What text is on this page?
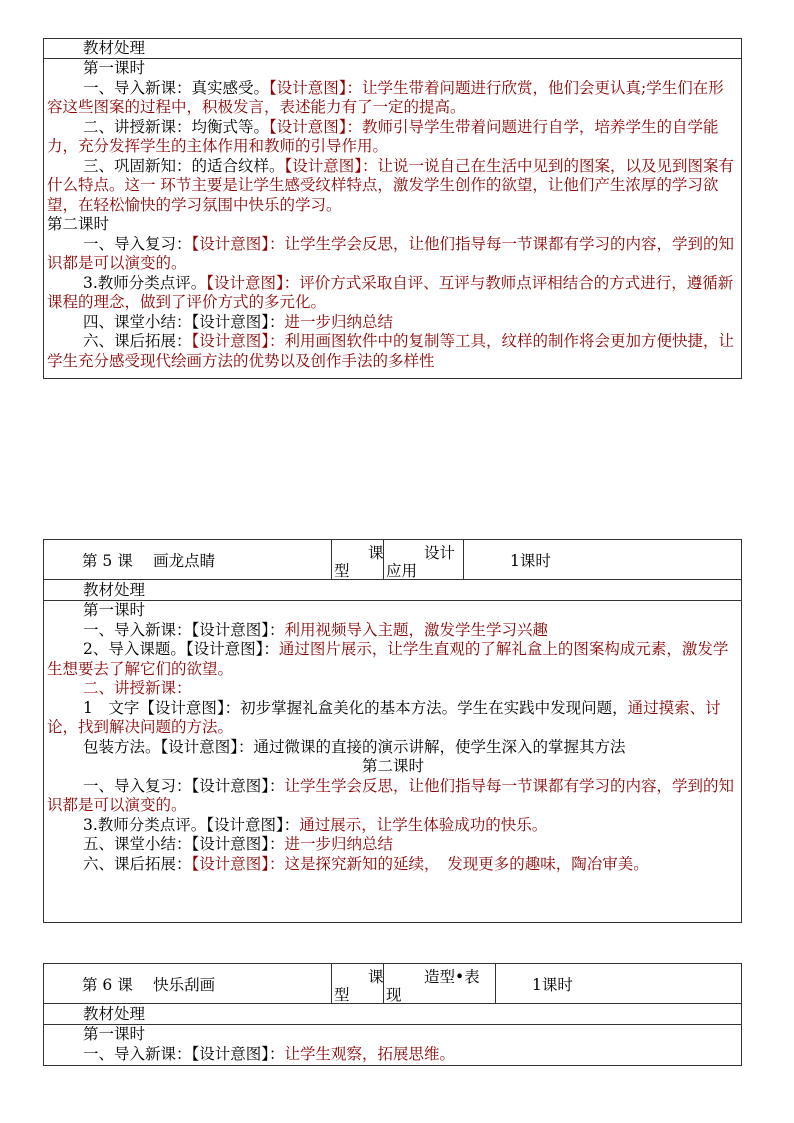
教材处理
第一课时
一、导入新课：真实感受。【设计意图】：让学生带着问题进行欣赏，他们会更认真;学生们在形容这些图案的过程中，积极发言，表述能力有了一定的提高。
二、讲授新课：均衡式等。【设计意图】：教师引导学生带着问题进行自学，培养学生的自学能力，充分发挥学生的主体作用和教师的引导作用。
三、巩固新知：的适合纹样。【设计意图】：让说一说自己在生活中见到的图案，以及见到图案有什么特点。这一 环节主要是让学生感受纹样特点，激发学生创作的欲望，让他们产生浓厚的学习欲望，在轻松愉快的学习氛围中快乐的学习。
第二课时
一、导入复习：【设计意图】：让学生学会反思，让他们指导每一节课都有学习的内容，学到的知识都是可以演变的。
3.教师分类点评。【设计意图】：评价方式采取自评、互评与教师点评相结合的方式进行，遵循新课程的理念，做到了评价方式的多元化。
四、课堂小结：【设计意图】：进一步归纳总结
六、课后拓展：【设计意图】：利用画图软件中的复制等工具，纹样的制作将会更加方便快捷，让学生充分感受现代绘画方法的优势以及创作手法的多样性
第 5 课　 画龙点睛	课
型
设计
应用
1课时
教材处理
第一课时
一、导入新课：【设计意图】：利用视频导入主题，激发学生学习兴趣
2、导入课题。【设计意图】：通过图片展示，让学生直观的了解礼盒上的图案构成元素，激发学生想要去了解它们的欲望。
二、讲授新课：
1　文字【设计意图】：初步掌握礼盒美化的基本方法。学生在实践中发现问题，通过摸索、讨论，找到解决问题的方法。
包装方法。【设计意图】：通过微课的直接的演示讲解，使学生深入的掌握其方法
第二课时
一、导入复习：【设计意图】：让学生学会反思，让他们指导每一节课都有学习的内容，学到的知识都是可以演变的。
3.教师分类点评。【设计意图】：通过展示，让学生体验成功的快乐。
五、课堂小结：【设计意图】：进一步归纳总结
六、课后拓展：【设计意图】：这是探究新知的延续，　发现更多的趣味，陶冶审美。
第 6 课　 快乐刮画	课
型
造型•表
现
1课时
教材处理
第一课时
一、导入新课：【设计意图】：让学生观察，拓展思维。
